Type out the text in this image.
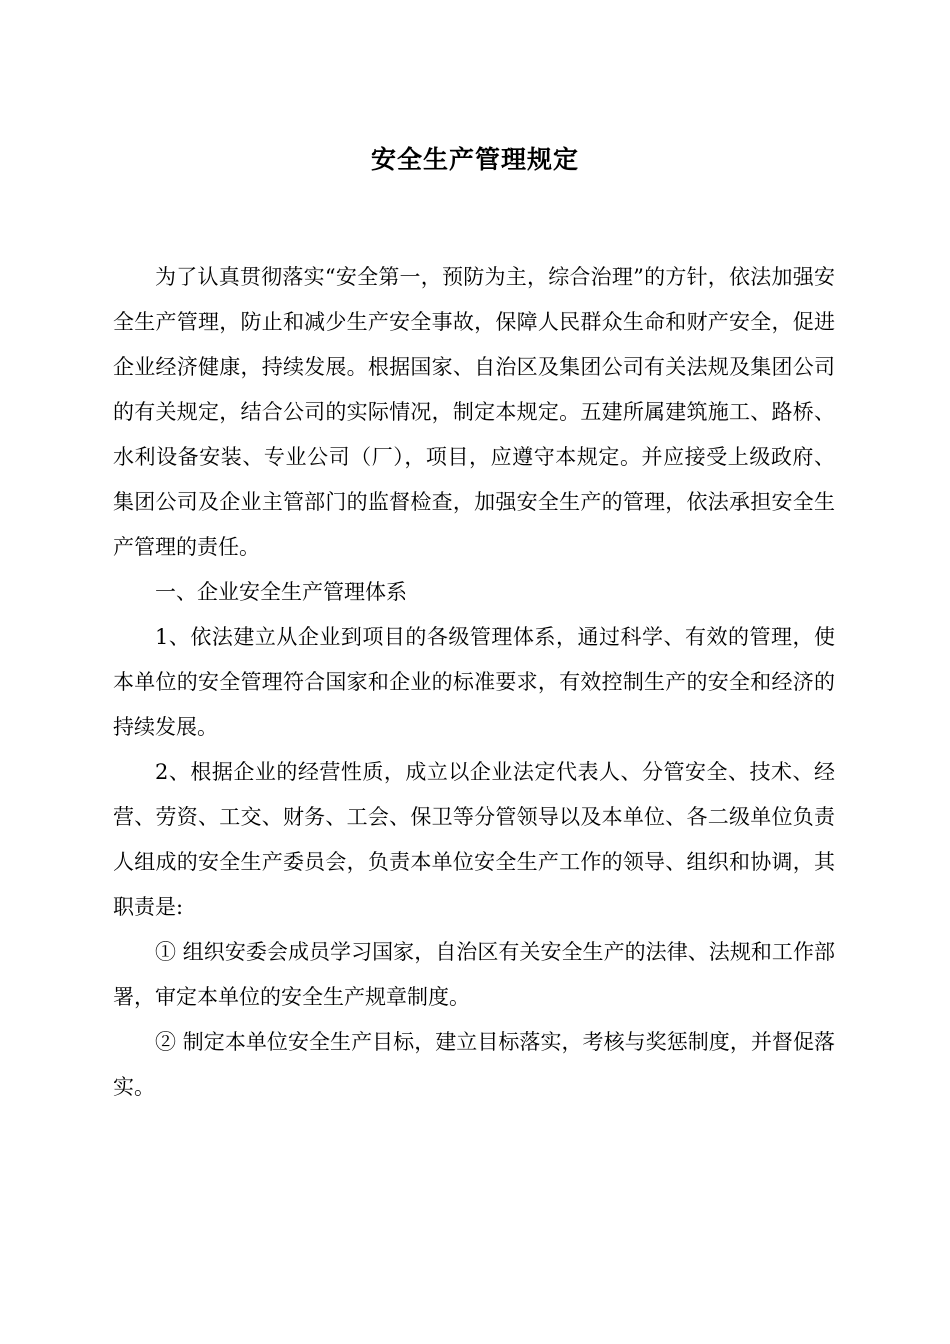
安全生产管理规定

为了认真贯彻落实“安全第一，预防为主，综合治理”的方针，依法加强安全生产管理，防止和减少生产安全事故，保障人民群众生命和财产安全，促进企业经济健康，持续发展。根据国家、自治区及集团公司有关法规及集团公司的有关规定，结合公司的实际情况，制定本规定。五建所属建筑施工、路桥、水利设备安装、专业公司（厂），项目，应遵守本规定。并应接受上级政府、集团公司及企业主管部门的监督检查，加强安全生产的管理，依法承担安全生产管理的责任。

一、企业安全生产管理体系

1、依法建立从企业到项目的各级管理体系，通过科学、有效的管理，使本单位的安全管理符合国家和企业的标准要求，有效控制生产的安全和经济的持续发展。

2、根据企业的经营性质，成立以企业法定代表人、分管安全、技术、经营、劳资、工交、财务、工会、保卫等分管领导以及本单位、各二级单位负责人组成的安全生产委员会，负责本单位安全生产工作的领导、组织和协调，其职责是:

① 组织安委会成员学习国家，自治区有关安全生产的法律、法规和工作部署，审定本单位的安全生产规章制度。

② 制定本单位安全生产目标，建立目标落实，考核与奖惩制度，并督促落实。
